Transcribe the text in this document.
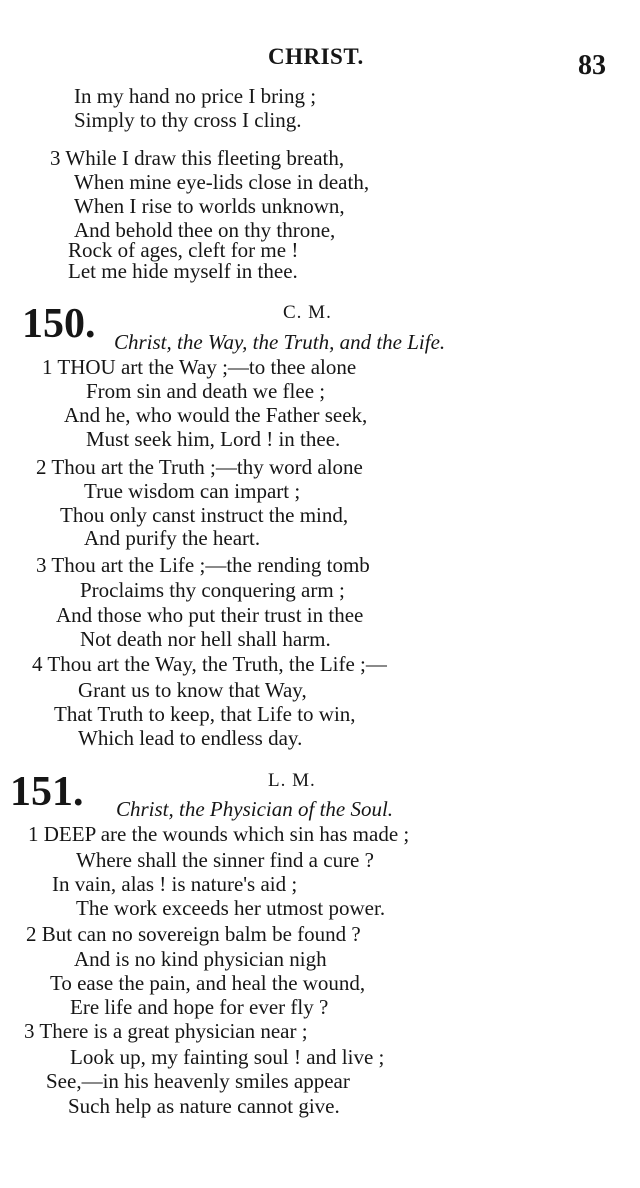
CHRIST.	83
In my hand no price I bring ;
Simply to thy cross I cling.
3 While I draw this fleeting breath,
When mine eye-lids close in death,
When I rise to worlds unknown,
And behold thee on thy throne,
Rock of ages, cleft for me !
Let me hide myself in thee.
150.	C. M.
Christ, the Way, the Truth, and the Life.
1 THOU art the Way ;—to thee alone
From sin and death we flee ;
And he, who would the Father seek,
Must seek him, Lord ! in thee.
2 Thou art the Truth ;—thy word alone
True wisdom can impart ;
Thou only canst instruct the mind,
And purify the heart.
3 Thou art the Life ;—the rending tomb
Proclaims thy conquering arm ;
And those who put their trust in thee
Not death nor hell shall harm.
4 Thou art the Way, the Truth, the Life ;—
Grant us to know that Way,
That Truth to keep, that Life to win,
Which lead to endless day.
151.	L. M.
Christ, the Physician of the Soul.
1 DEEP are the wounds which sin has made ;
Where shall the sinner find a cure ?
In vain, alas ! is nature's aid ;
The work exceeds her utmost power.
2 But can no sovereign balm be found ?
And is no kind physician nigh
To ease the pain, and heal the wound,
Ere life and hope for ever fly ?
3 There is a great physician near ;
Look up, my fainting soul ! and live ;
See,—in his heavenly smiles appear
Such help as nature cannot give.
